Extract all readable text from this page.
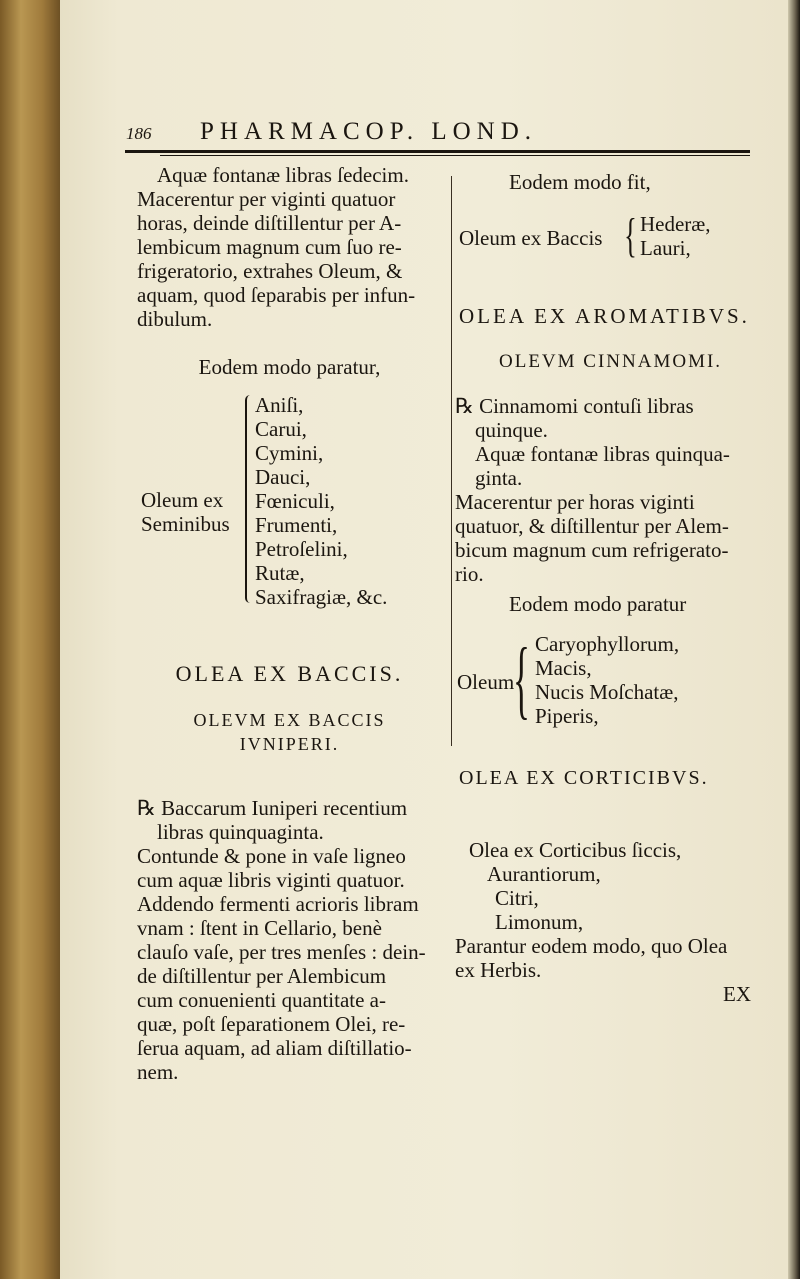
186 PHARMACOP. LOND.

Aquæ fontanæ libras ſedecim.

Macerentur per viginti quatuor

horas, deinde diſtillentur per A-

lembicum magnum cum ſuo re-

frigeratorio, extrahes Oleum, &

aquam, quod ſeparabis per infun-

dibulum.

Eodem modo paratur,

Oleum ex
Seminibus
Aniſi,
Carui,
Cymini,
Dauci,
Fœniculi,
Frumenti,
Petroſelini,
Rutæ,
Saxifragiæ, &c.

OLEA EX BACCIS.

OLEVM EX BACCIS

IVNIPERI.

℞ Baccarum Iuniperi recentium

libras quinquaginta.

Contunde & pone in vaſe ligneo

cum aquæ libris viginti quatuor.

Addendo fermenti acrioris libram

vnam : ſtent in Cellario, benè

clauſo vaſe, per tres menſes : dein-

de diſtillentur per Alembicum

cum conuenienti quantitate a-

quæ, poſt ſeparationem Olei, re-

ſerua aquam, ad aliam diſtillatio-

nem.

Eodem modo fit,

Oleum ex Baccis { Hederæ,
Lauri,

OLEA EX AROMATIBVS.

OLEVM CINNAMOMI.

℞ Cinnamomi contuſi libras

quinque.

Aquæ fontanæ libras quinqua-

ginta.

Macerentur per horas viginti

quatuor, & diſtillentur per Alem-

bicum magnum cum refrigerato-

rio.

Eodem modo paratur

Oleum
{ Caryophyllorum,
Macis,
Nucis Moſchatæ,
Piperis,

OLEA EX CORTICIBVS.

Olea ex Corticibus ſiccis,

Aurantiorum,

Citri,

Limonum,

Parantur eodem modo, quo Olea

ex Herbis.

EX
